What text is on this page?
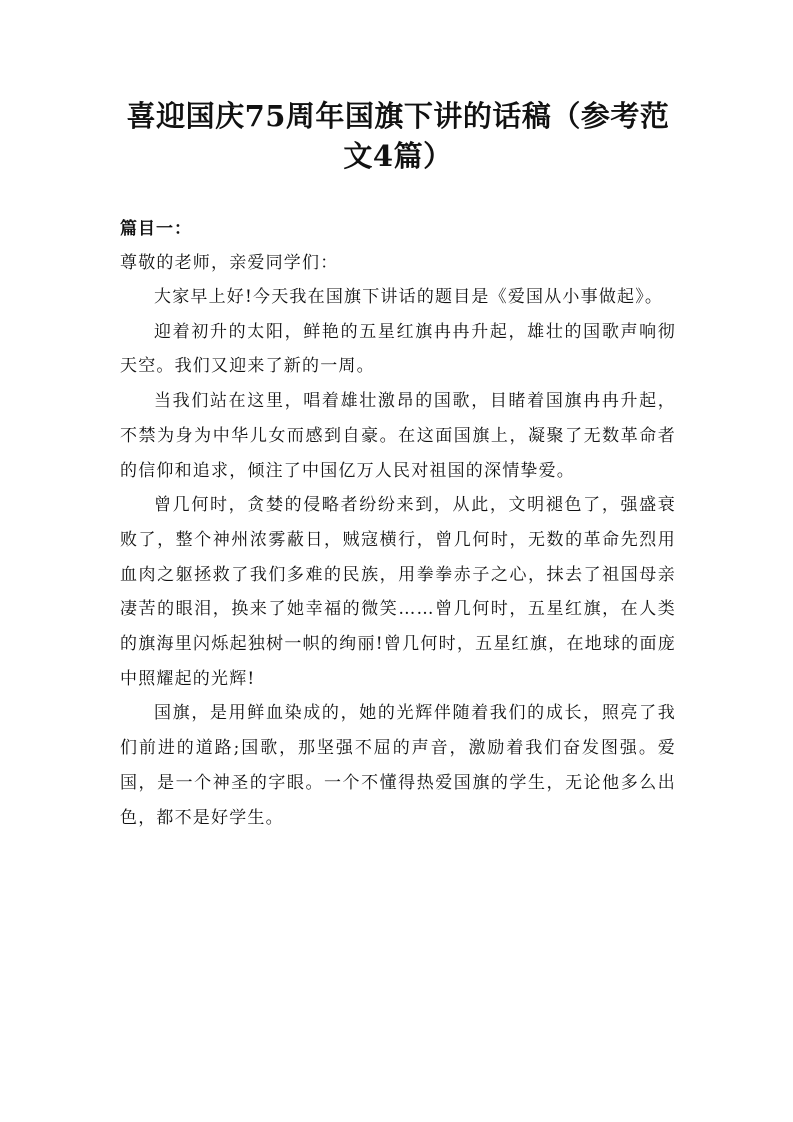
喜迎国庆75周年国旗下讲的话稿（参考范文4篇）

篇目一：

尊敬的老师，亲爱同学们：

大家早上好!今天我在国旗下讲话的题目是《爱国从小事做起》。

迎着初升的太阳，鲜艳的五星红旗冉冉升起，雄壮的国歌声响彻天空。我们又迎来了新的一周。

当我们站在这里，唱着雄壮激昂的国歌，目睹着国旗冉冉升起，不禁为身为中华儿女而感到自豪。在这面国旗上，凝聚了无数革命者的信仰和追求，倾注了中国亿万人民对祖国的深情挚爱。

曾几何时，贪婪的侵略者纷纷来到，从此，文明褪色了，强盛衰败了，整个神州浓雾蔽日，贼寇横行，曾几何时，无数的革命先烈用血肉之躯拯救了我们多难的民族，用拳拳赤子之心，抹去了祖国母亲凄苦的眼泪，换来了她幸福的微笑……曾几何时，五星红旗，在人类的旗海里闪烁起独树一帜的绚丽!曾几何时，五星红旗，在地球的面庞中照耀起的光辉!

国旗，是用鲜血染成的，她的光辉伴随着我们的成长，照亮了我们前进的道路;国歌，那坚强不屈的声音，激励着我们奋发图强。爱国，是一个神圣的字眼。一个不懂得热爱国旗的学生，无论他多么出色，都不是好学生。
